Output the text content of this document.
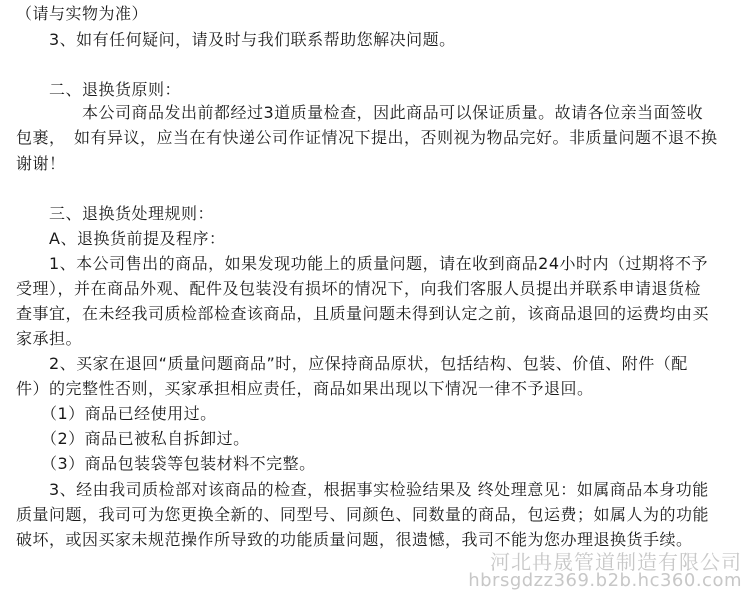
（请与实物为准）
　　3、如有任何疑问，请及时与我们联系帮助您解决问题。
　　二、退换货原则：
　　　　本公司商品发出前都经过3道质量检查，因此商品可以保证质量。故请各位亲当面签收
包裹，　如有异议，应当在有快递公司作证情况下提出，否则视为物品完好。非质量问题不退不换
谢谢！
　　三、退换货处理规则：
　　A、退换货前提及程序：
　　1、本公司售出的商品，如果发现功能上的质量问题，请在收到商品24小时内（过期将不予
受理），并在商品外观、配件及包装没有损坏的情况下，向我们客服人员提出并联系申请退货检
查事宜，在未经我司质检部检查该商品，且质量问题未得到认定之前，该商品退回的运费均由买
家承担。
　　2、买家在退回“质量问题商品”时，应保持商品原状，包括结构、包装、价值、附件（配
件）的完整性否则，买家承担相应责任，商品如果出现以下情况一律不予退回。
　　（1）商品已经使用过。
　　（2）商品已被私自拆卸过。
　　（3）商品包装袋等包装材料不完整。
　　3、经由我司质检部对该商品的检查，根据事实检验结果及 终处理意见：如属商品本身功能
质量问题，我司可为您更换全新的、同型号、同颜色、同数量的商品，包运费；如属人为的功能
破坏，或因买家未规范操作所导致的功能质量问题，很遗憾，我司不能为您办理退换货手续。
河北冉晟管道制造有限公司
hbrsgdzz369.b2b.hc360.com
